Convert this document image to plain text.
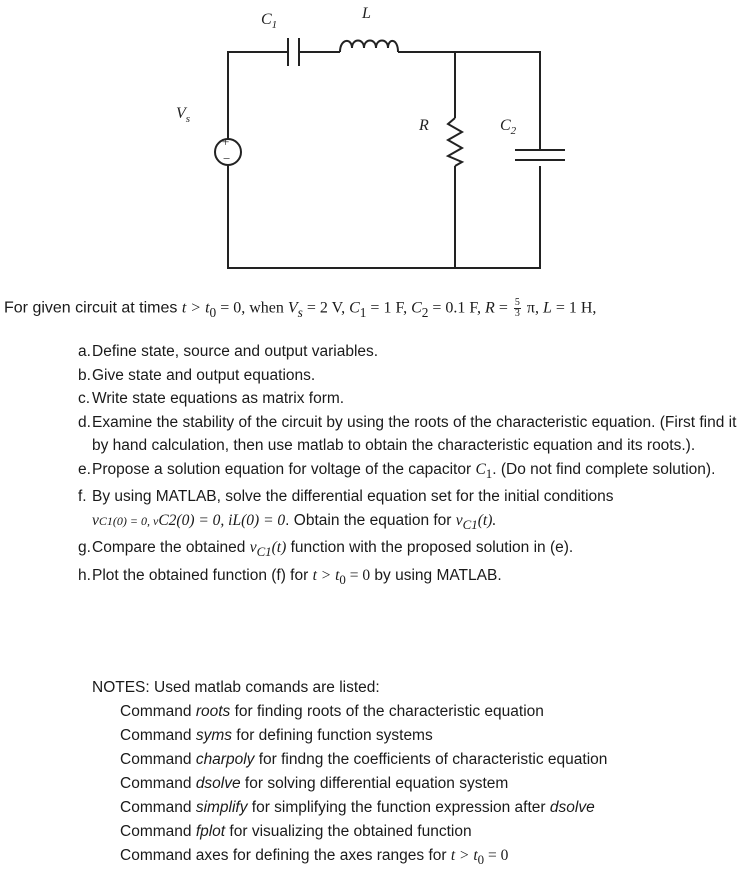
+
−
$C_1$
L
$V_s$	R	$C_2$
For given circuit at times $t > t_0 = 0$, when $V_s = 2$ V, $C_1 = 1$ F, $C_2 = 0.1$ F, $R = \frac{5}{3} \pi$, L = 1 H,
a. Define state, source and output variables.
b. Give state and output equations.
c. Write state equations as matrix form.
d. Examine the stability of the circuit by using the roots of the characteristic equation. (First find it by hand calculation, then use matlab to obtain the characteristic equation and its roots.).
e. Propose a solution equation for voltage of the capacitor $C_1$. (Do not find complete solution).
f. By using MATLAB, solve the differential equation set for the initial conditions
vC1(0) = 0, vC2(0) = 0, iL(0) = 0. Obtain the equation for $v_{C1}(t)$.
g. Compare the obtained $v_{C1}(t)$ function with the proposed solution in (e).
h. Plot the obtained function (f) for $t > t_0 = 0$ by using MATLAB.
NOTES: Used matlab comands are listed:
Command roots for finding roots of the characteristic equation
Command syms for defining function systems
Command charpoly for findng the coefficients of characteristic equation
Command dsolve for solving differential equation system
Command simplify for simplifying the function expression after dsolve
Command fplot for visualizing the obtained function
Command axes for defining the axes ranges for $t > t_0 = 0$
